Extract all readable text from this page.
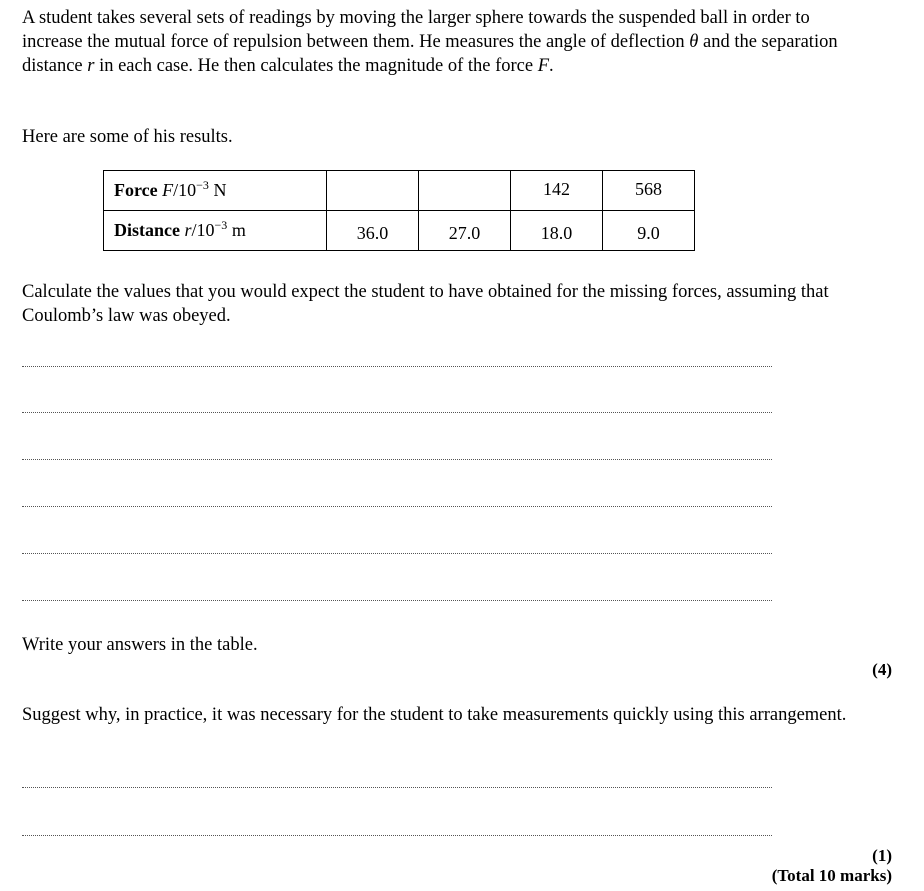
A student takes several sets of readings by moving the larger sphere towards the suspended ball in order to increase the mutual force of repulsion between them. He measures the angle of deflection θ and the separation distance r in each case. He then calculates the magnitude of the force F.

Here are some of his results.

Force $F/10^{-3}$ N			142	568
Distance $r/10^{-3}$ m	36.0	27.0	18.0	9.0

Calculate the values that you would expect the student to have obtained for the missing forces, assuming that Coulomb’s law was obeyed.

Write your answers in the table.

(4)

Suggest why, in practice, it was necessary for the student to take measurements quickly using this arrangement.

(1)
(Total 10 marks)
